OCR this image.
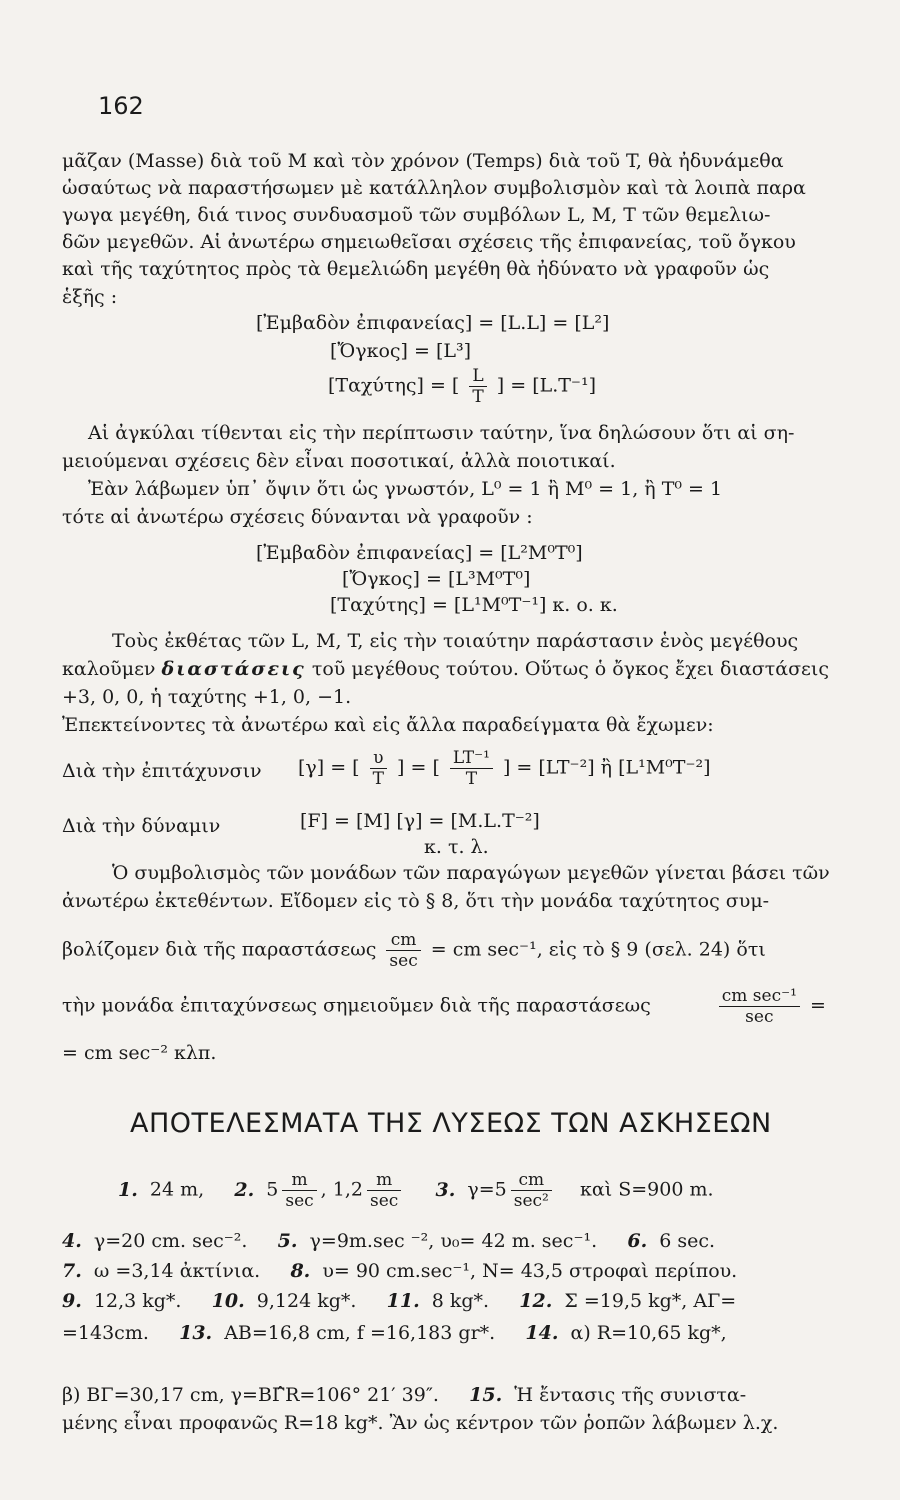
162
μᾶζαν (Masse) διὰ τοῦ M καὶ τὸν χρόνον (Temps) διὰ τοῦ T, θὰ ἠδυνάμεθα
ὡσαύτως νὰ παραστήσωμεν μὲ κατάλληλον συμβολισμὸν καὶ τὰ λοιπὰ παρα
γωγα μεγέθη, διά τινος συνδυασμοῦ τῶν συμβόλων L, M, T τῶν θεμελιω-
δῶν μεγεθῶν. Αἱ ἀνωτέρω σημειωθεῖσαι σχέσεις τῆς ἐπιφανείας, τοῦ ὄγκου
καὶ τῆς ταχύτητος πρὸς τὰ θεμελιώδη μεγέθη θὰ ἠδύνατο νὰ γραφοῦν ὡς
ἑξῆς :
[Ἐμβαδὸν ἐπιφανείας] = [L.L] = [L²]
[Ὄγκος] = [L³]
[Ταχύτης] = [ $\frac{L}{T}$ ] = [L.T⁻¹]
Αἱ ἀγκύλαι τίθενται εἰς τὴν περίπτωσιν ταύτην, ἵνα δηλώσουν ὅτι αἱ ση-
μειούμεναι σχέσεις δὲν εἶναι ποσοτικαί, ἀλλὰ ποιοτικαί.
Ἐὰν λάβωμεν ὑπ᾽ ὄψιν ὅτι ὡς γνωστόν, L⁰ = 1 ἢ M⁰ = 1, ἢ T⁰ = 1
τότε αἱ ἀνωτέρω σχέσεις δύνανται νὰ γραφοῦν :
[Ἐμβαδὸν ἐπιφανείας] = [L²M⁰T⁰]
[Ὄγκος] = [L³M⁰T⁰]
[Ταχύτης] = [L¹M⁰T⁻¹] κ. ο. κ.
Τοὺς ἐκθέτας τῶν L, M, T, εἰς τὴν τοιαύτην παράστασιν ἑνὸς μεγέθους
καλοῦμεν διαστάσεις τοῦ μεγέθους τούτου. Οὕτως ὁ ὄγκος ἔχει διαστάσεις
+3, 0, 0, ἡ ταχύτης +1, 0, −1.
Ἐπεκτείνοντες τὰ ἀνωτέρω καὶ εἰς ἄλλα παραδείγματα θὰ ἔχωμεν:
Διὰ τὴν ἐπιτάχυνσιν [γ] = [ $\frac{\upsilon}{T}$ ] = [ $\frac{\text{LT⁻¹}}{T}$ ] = [LT⁻²] ἢ [L¹M⁰T⁻²]
Διὰ τὴν δύναμιν	[F] = [M] [γ] = [M.L.T⁻²]
κ. τ. λ.
Ὁ συμβολισμὸς τῶν μονάδων τῶν παραγώγων μεγεθῶν γίνεται βάσει τῶν
ἀνωτέρω ἐκτεθέντων. Εἴδομεν εἰς τὸ § 8, ὅτι τὴν μονάδα ταχύτητος συμ-
βολίζομεν διὰ τῆς παραστάσεως $\frac{cm}{\sec}$ = cm sec⁻¹, εἰς τὸ § 9 (σελ. 24) ὅτι
τὴν μονάδα ἐπιταχύνσεως σημειοῦμεν διὰ τῆς παραστάσεως	$\frac{\text{cm sec⁻¹}}{\sec}$ =
= cm sec⁻² κλπ.
ΑΠΟΤΕΛΕΣΜΑΤΑ ΤΗΣ ΛΥΣΕΩΣ ΤΩΝ ΑΣΚΗΣΕΩΝ
1. 24 m, 2. $5 \frac{m}{\sec}$ , $1,2 \frac{m}{\sec} 3$. $\gamma=5 \frac{cm}{\text{sec²}}$ καὶ S=900 m.
4. γ=20 cm. sec⁻². 5. γ=9m.sec ⁻², υ₀= 42 m. sec⁻¹. 6. 6 sec.
7. ω =3,14 ἀκτίνια. 8. υ= 90 cm.sec⁻¹, N= 43,5 στροφαὶ περίπου.
9. 12,3 kg*. 10. 9,124 kg*. 11. 8 kg*. 12. Σ =19,5 kg*, ΑΓ=
=143cm. 13. ΑΒ=16,8 cm, f =16,183 gr*. 14. α) R=10,65 kg*,
β) ΒΓ=30,17 cm, γ=ΒΓ̂R=106° 21′ 39″. 15. Ἡ ἔντασις τῆς συνιστα-
μένης εἶναι προφανῶς R=18 kg*. Ἂν ὡς κέντρον τῶν ῥοπῶν λάβωμεν λ.χ.
